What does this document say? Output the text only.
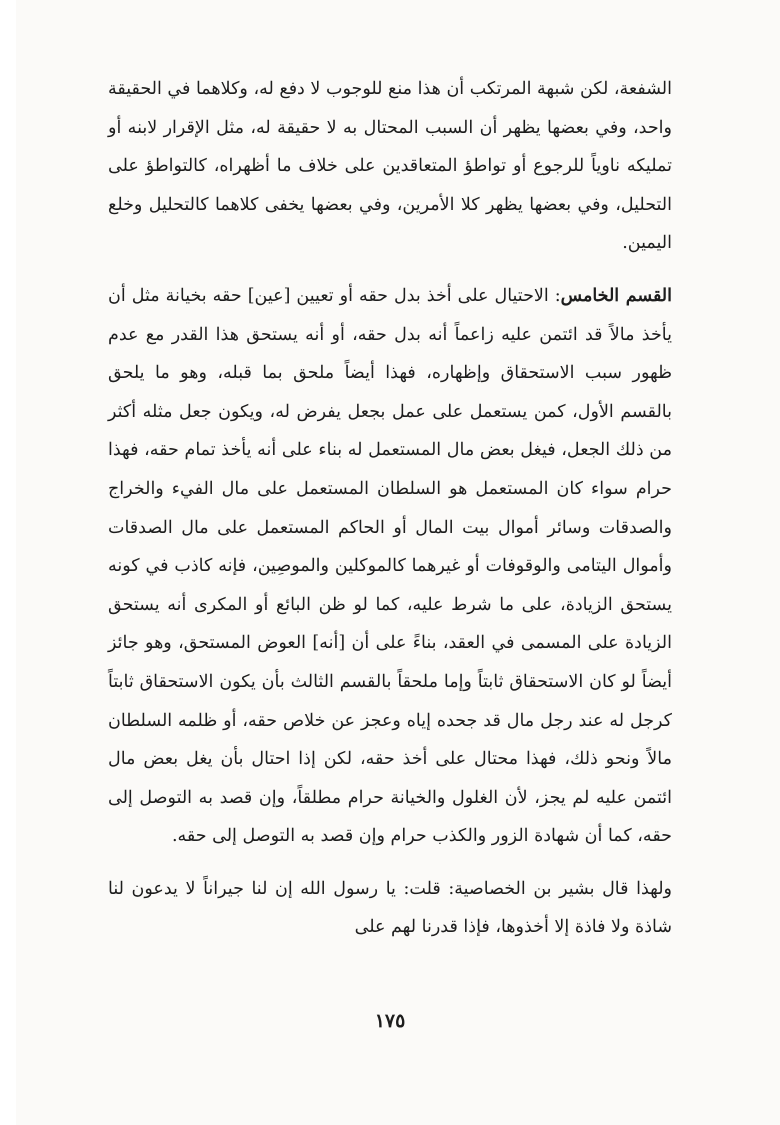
الشفعة، لكن شبهة المرتكب أن هذا منع للوجوب لا دفع له، وكلاهما في الحقيقة واحد، وفي بعضها يظهر أن السبب المحتال به لا حقيقة له، مثل الإقرار لابنه أو تمليكه ناوياً للرجوع أو تواطؤ المتعاقدين على خلاف ما أظهراه، كالتواطؤ على التحليل، وفي بعضها يظهر كلا الأمرين، وفي بعضها يخفى كلاهما كالتحليل وخلع اليمين.

القسم الخامس: الاحتيال على أخذ بدل حقه أو تعيين [عين] حقه بخيانة مثل أن يأخذ مالاً قد ائتمن عليه زاعماً أنه بدل حقه، أو أنه يستحق هذا القدر مع عدم ظهور سبب الاستحقاق وإظهاره، فهذا أيضاً ملحق بما قبله، وهو ما يلحق بالقسم الأول، كمن يستعمل على عمل بجعل يفرض له، ويكون جعل مثله أكثر من ذلك الجعل، فيغل بعض مال المستعمل له بناء على أنه يأخذ تمام حقه، فهذا حرام سواء كان المستعمل هو السلطان المستعمل على مال الفيء والخراج والصدقات وسائر أموال بيت المال أو الحاكم المستعمل على مال الصدقات وأموال اليتامى والوقوفات أو غيرهما كالموكلين والموصِين، فإنه كاذب في كونه يستحق الزيادة، على ما شرط عليه، كما لو ظن البائع أو المكرى أنه يستحق الزيادة على المسمى في العقد، بناءً على أن [أنه] العوض المستحق، وهو جائز أيضاً لو كان الاستحقاق ثابتاً وإما ملحقاً بالقسم الثالث بأن يكون الاستحقاق ثابتاً كرجل له عند رجل مال قد جحده إياه وعجز عن خلاص حقه، أو ظلمه السلطان مالاً ونحو ذلك، فهذا محتال على أخذ حقه، لكن إذا احتال بأن يغل بعض مال ائتمن عليه لم يجز، لأن الغلول والخيانة حرام مطلقاً، وإن قصد به التوصل إلى حقه، كما أن شهادة الزور والكذب حرام وإن قصد به التوصل إلى حقه.

ولهذا قال بشير بن الخصاصية: قلت: يا رسول الله إن لنا جيراناً لا يدعون لنا شاذة ولا فاذة إلا أخذوها، فإذا قدرنا لهم على

١٧٥
